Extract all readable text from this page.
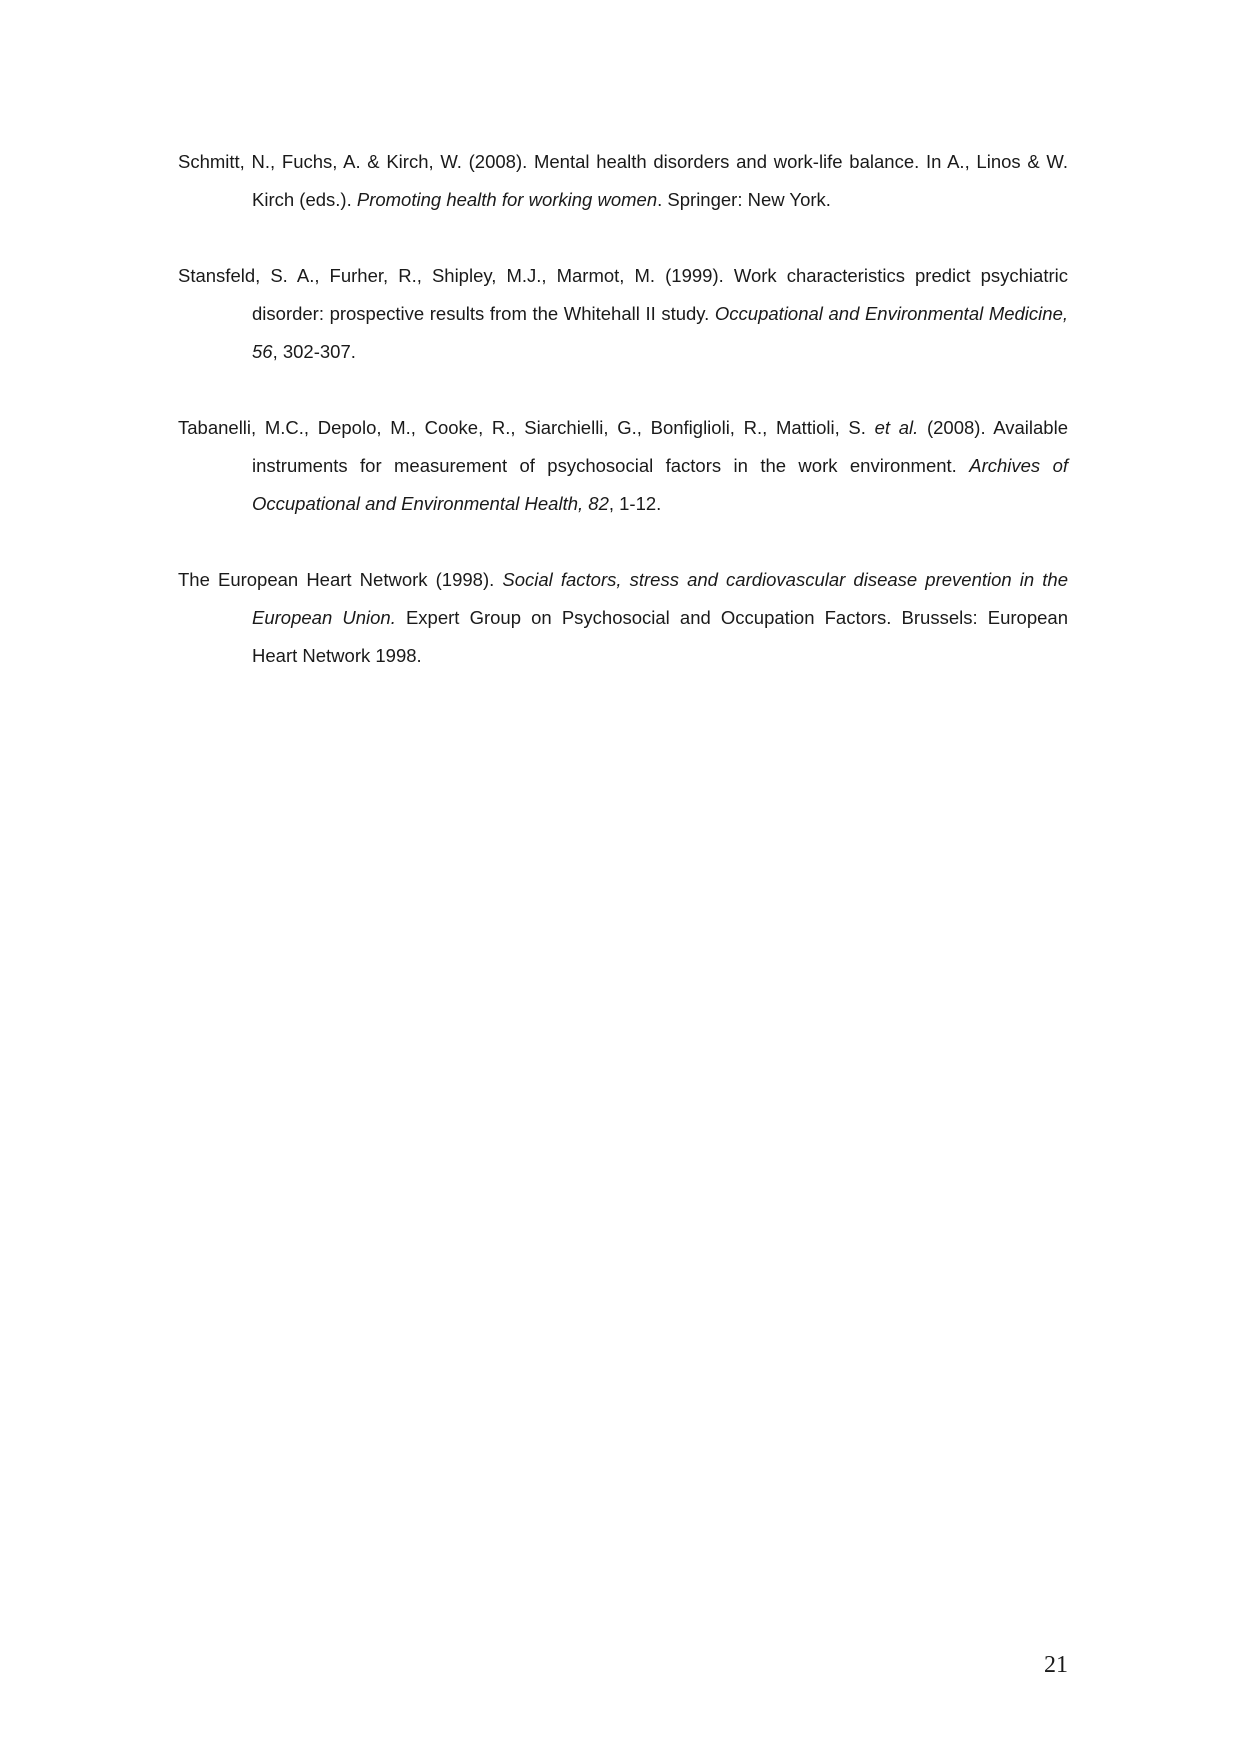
Schmitt, N., Fuchs, A. & Kirch, W. (2008). Mental health disorders and work-life balance. In A., Linos & W. Kirch (eds.). Promoting health for working women. Springer: New York.

Stansfeld, S. A., Furher, R., Shipley, M.J., Marmot, M. (1999). Work characteristics predict psychiatric disorder: prospective results from the Whitehall II study. Occupational and Environmental Medicine, 56, 302-307.

Tabanelli, M.C., Depolo, M., Cooke, R., Siarchielli, G., Bonfiglioli, R., Mattioli, S. et al. (2008). Available instruments for measurement of psychosocial factors in the work environment. Archives of Occupational and Environmental Health, 82, 1-12.

The European Heart Network (1998). Social factors, stress and cardiovascular disease prevention in the European Union. Expert Group on Psychosocial and Occupation Factors. Brussels: European Heart Network 1998.

21
